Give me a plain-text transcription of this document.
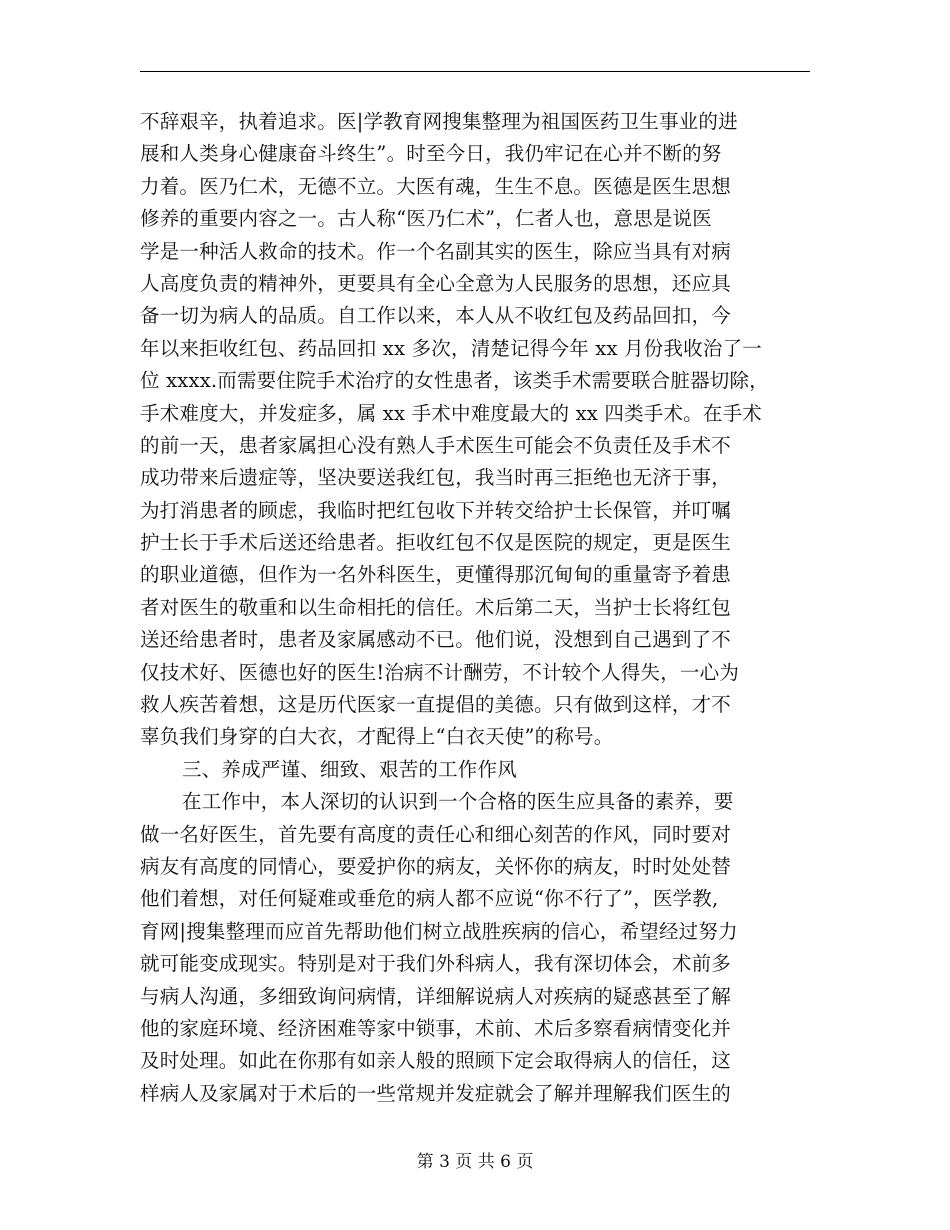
不辞艰辛，执着追求。医|学教育网搜集整理为祖国医药卫生事业的进
展和人类身心健康奋斗终生”。时至今日，我仍牢记在心并不断的努
力着。医乃仁术，无德不立。大医有魂，生生不息。医德是医生思想
修养的重要内容之一。古人称“医乃仁术”，仁者人也，意思是说医
学是一种活人救命的技术。作一个名副其实的医生，除应当具有对病
人高度负责的精神外，更要具有全心全意为人民服务的思想，还应具
备一切为病人的品质。自工作以来，本人从不收红包及药品回扣，今
年以来拒收红包、药品回扣 xx 多次，清楚记得今年 xx 月份我收治了一
位 xxxx.而需要住院手术治疗的女性患者，该类手术需要联合脏器切除，
手术难度大，并发症多，属 xx 手术中难度最大的 xx 四类手术。在手术
的前一天，患者家属担心没有熟人手术医生可能会不负责任及手术不
成功带来后遗症等，坚决要送我红包，我当时再三拒绝也无济于事，
为打消患者的顾虑，我临时把红包收下并转交给护士长保管，并叮嘱
护士长于手术后送还给患者。拒收红包不仅是医院的规定，更是医生
的职业道德，但作为一名外科医生，更懂得那沉甸甸的重量寄予着患
者对医生的敬重和以生命相托的信任。术后第二天，当护士长将红包
送还给患者时，患者及家属感动不已。他们说，没想到自己遇到了不
仅技术好、医德也好的医生!治病不计酬劳，不计较个人得失，一心为
救人疾苦着想，这是历代医家一直提倡的美德。只有做到这样，才不
辜负我们身穿的白大衣，才配得上“白衣天使”的称号。
三、养成严谨、细致、艰苦的工作作风
在工作中，本人深切的认识到一个合格的医生应具备的素养，要
做一名好医生，首先要有高度的责任心和细心刻苦的作风，同时要对
病友有高度的同情心，要爱护你的病友，关怀你的病友，时时处处替
他们着想，对任何疑难或垂危的病人都不应说“你不行了”，医学教,
育网|搜集整理而应首先帮助他们树立战胜疾病的信心，希望经过努力
就可能变成现实。特别是对于我们外科病人，我有深切体会，术前多
与病人沟通，多细致询问病情，详细解说病人对疾病的疑惑甚至了解
他的家庭环境、经济困难等家中锁事，术前、术后多察看病情变化并
及时处理。如此在你那有如亲人般的照顾下定会取得病人的信任，这
样病人及家属对于术后的一些常规并发症就会了解并理解我们医生的
第 3 页 共 6 页
